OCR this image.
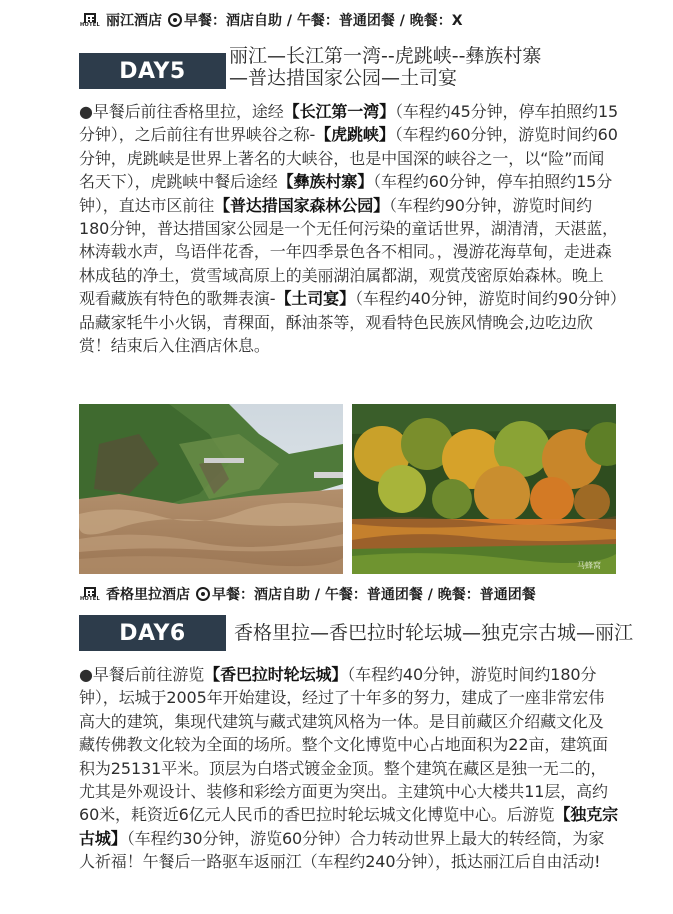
HOTEL 丽江酒店 早餐：酒店自助 / 午餐：普通团餐 / 晚餐：X
DAY5
丽江—长江第一湾--虎跳峡--彝族村寨
—普达措国家公园—土司宴

●早餐后前往香格里拉，途经【长江第一湾】（车程约45分钟，停车拍照约15分钟），之后前往有世界峡谷之称-【虎跳峡】（车程约60分钟，游览时间约60分钟，虎跳峡是世界上著名的大峡谷，也是中国深的峡谷之一，以“险”而闻名天下），虎跳峡中餐后途经【彝族村寨】（车程约60分钟，停车拍照约15分钟），直达市区前往【普达措国家森林公园】（车程约90分钟，游览时间约180分钟，普达措国家公园是一个无任何污染的童话世界，湖清清，天湛蓝，林涛载水声，鸟语伴花香，一年四季景色各不相同。，漫游花海草甸，走进森林成毡的净土，赏雪域高原上的美丽湖泊属都湖，观赏茂密原始森林。晚上观看藏族有特色的歌舞表演-【土司宴】（车程约40分钟，游览时间约90分钟）品藏家牦牛小火锅，青稞面，酥油茶等，观看特色民族风情晚会,边吃边欣赏！结束后入住酒店休息。

马蜂窝
HOTEL 香格里拉酒店 早餐：酒店自助 / 午餐：普通团餐 / 晚餐：普通团餐
DAY6	香格里拉—香巴拉时轮坛城—独克宗古城—丽江

●早餐后前往游览【香巴拉时轮坛城】（车程约40分钟，游览时间约180分钟），坛城于2005年开始建设，经过了十年多的努力，建成了一座非常宏伟高大的建筑，集现代建筑与藏式建筑风格为一体。是目前藏区介绍藏文化及藏传佛教文化较为全面的场所。整个文化博览中心占地面积为22亩，建筑面积为25131平米。顶层为白塔式镀金金顶。整个建筑在藏区是独一无二的，尤其是外观设计、装修和彩绘方面更为突出。主建筑中心大楼共11层，高约60米，耗资近6亿元人民币的香巴拉时轮坛城文化博览中心。后游览【独克宗古城】（车程约30分钟，游览60分钟）合力转动世界上最大的转经筒，为家人祈福！午餐后一路驱车返丽江（车程约240分钟），抵达丽江后自由活动!
